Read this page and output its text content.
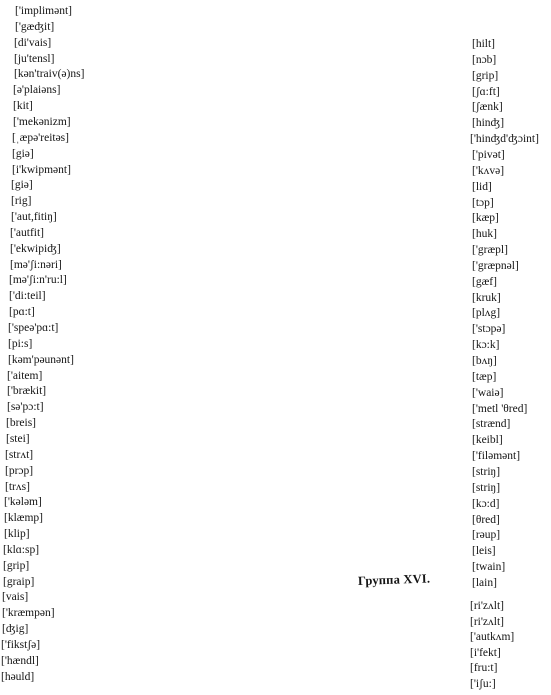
['implimənt]
['gæʤit]
[di'vais]
[ju'tensl]
[kən'traiv(ə)ns]
[ə'plaiəns]
[kit]
['mekənizm]
[ˌæpə'reitəs]
[giə]
[i'kwipmənt]
[giə]
[rig]
['aut,fitiŋ]
['autfit]
['ekwipiʤ]
[mə'ʃi:nəri]
[mə'ʃi:n'ru:l]
['di:teil]
[pɑ:t]
['speə'pɑ:t]
[pi:s]
[kəm'pəunənt]
['aitem]
['brækit]
[sə'pɔ:t]
[breis]
[stei]
[strʌt]
[prɔp]
[trʌs]
['kələm]
[klæmp]
[klip]
[klɑ:sp]
[grip]
[graip]
[vais]
['kræmpən]
[ʤig]
['fikstʃə]
['hændl]
[həuld]
[hilt]
[nɔb]
[grip]
[ʃɑ:ft]
[ʃænk]
[hinʤ]
['hinʤd'ʤɔint]
['pivət]
['kʌvə]
[lid]
[tɔp]
[kæp]
[huk]
['græpl]
['græpnəl]
[gæf]
[kruk]
[plʌg]
['stɔpə]
[kɔ:k]
[bʌŋ]
[tæp]
['waiə]
['metl 'θred]
[strænd]
[keibl]
['filəmənt]
[striŋ]
[striŋ]
[kɔ:d]
[θred]
[rəup]
[leis]
[twain]
[lain]
Группа XVI.
[ri'zʌlt]
[ri'zʌlt]
['autkʌm]
[i'fekt]
[fru:t]
['iʃu:]
